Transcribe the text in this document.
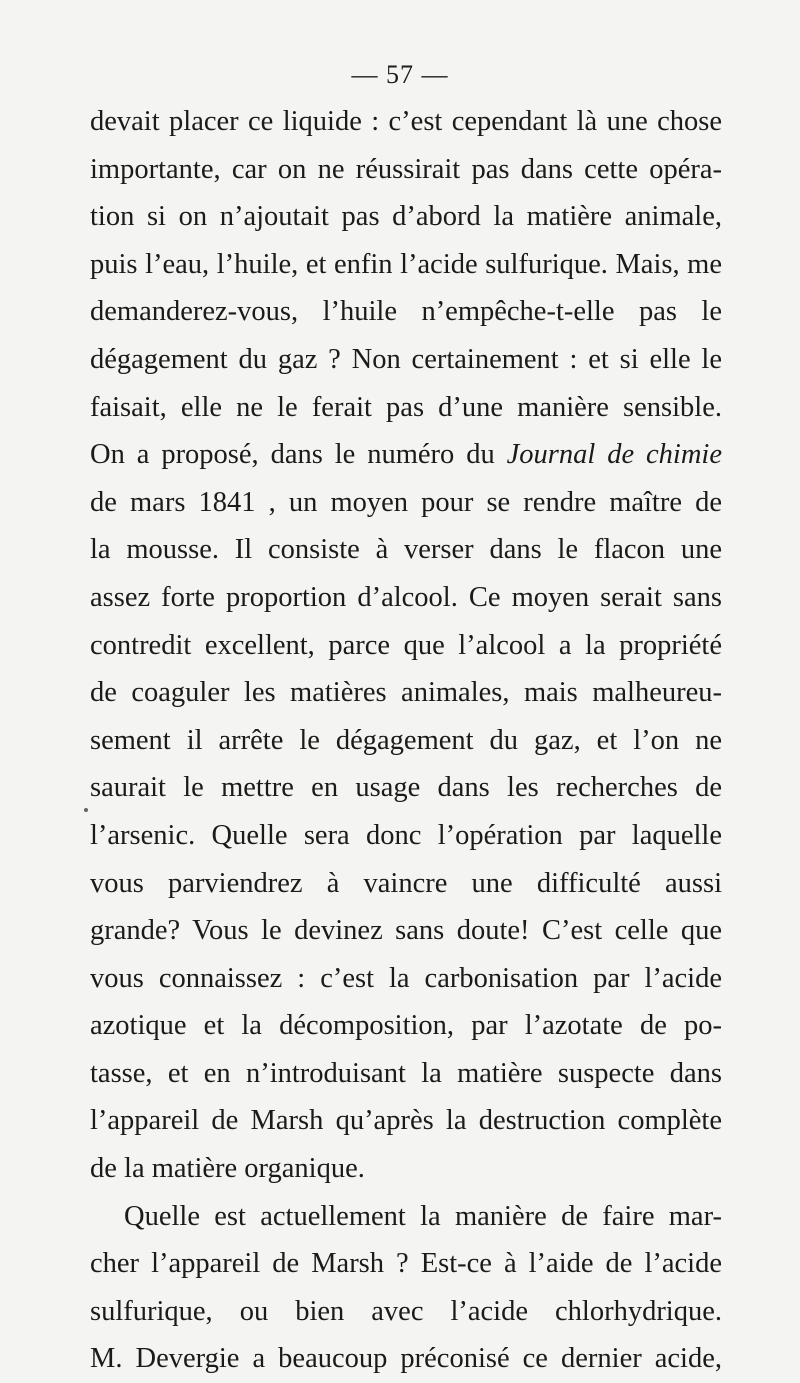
— 57 —
devait placer ce liquide : c’est cependant là une chose
importante, car on ne réussirait pas dans cette opéra-
tion si on n’ajoutait pas d’abord la matière animale,
puis l’eau, l’huile, et enfin l’acide sulfurique. Mais, me
demanderez-vous, l’huile n’empêche-t-elle pas le
dégagement du gaz ? Non certainement : et si elle le
faisait, elle ne le ferait pas d’une manière sensible.
On a proposé, dans le numéro du Journal de chimie
de mars 1841 , un moyen pour se rendre maître de
la mousse. Il consiste à verser dans le flacon une
assez forte proportion d’alcool. Ce moyen serait sans
contredit excellent, parce que l’alcool a la propriété
de coaguler les matières animales, mais malheureu-
sement il arrête le dégagement du gaz, et l’on ne
saurait le mettre en usage dans les recherches de
l’arsenic. Quelle sera donc l’opération par laquelle
vous parviendrez à vaincre une difficulté aussi
grande? Vous le devinez sans doute! C’est celle que
vous connaissez : c’est la carbonisation par l’acide
azotique et la décomposition, par l’azotate de po-
tasse, et en n’introduisant la matière suspecte dans
l’appareil de Marsh qu’après la destruction complète
de la matière organique.
Quelle est actuellement la manière de faire mar-
cher l’appareil de Marsh ? Est-ce à l’aide de l’acide
sulfurique, ou bien avec l’acide chlorhydrique.
M. Devergie a beaucoup préconisé ce dernier acide,
